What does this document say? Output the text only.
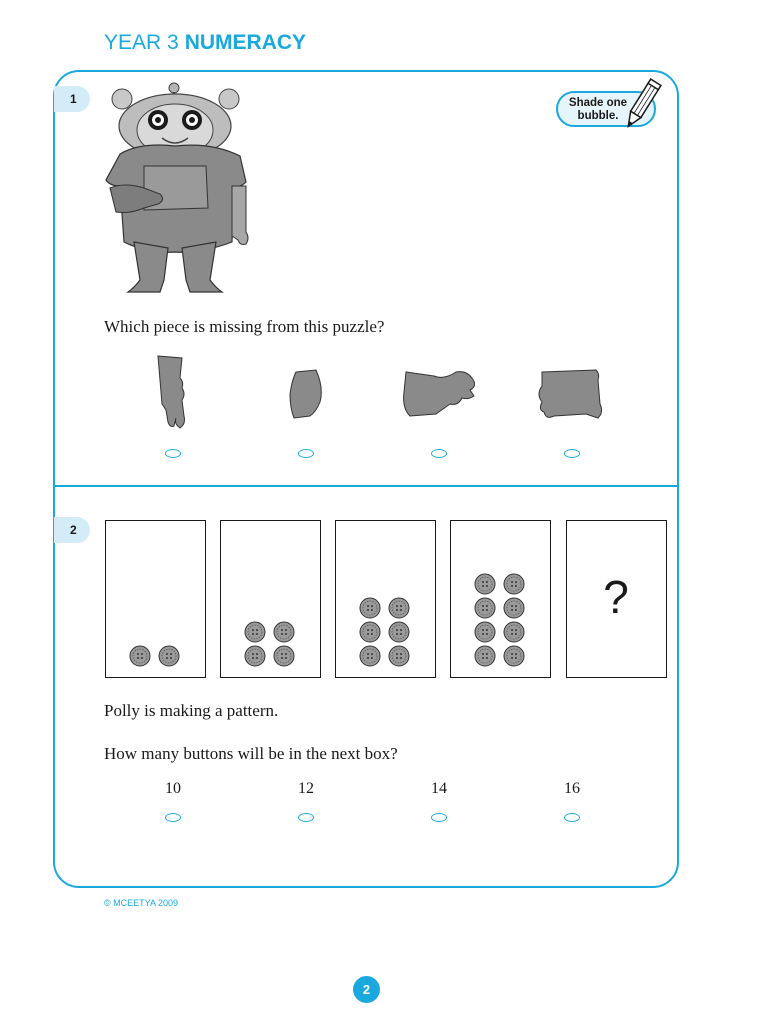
YEAR 3 NUMERACY
1	Shade one
bubble.
Which piece is missing from this puzzle?
2
?
Polly is making a pattern.
How many buttons will be in the next box?
10	12	14	16
© MCEETYA 2009
2
